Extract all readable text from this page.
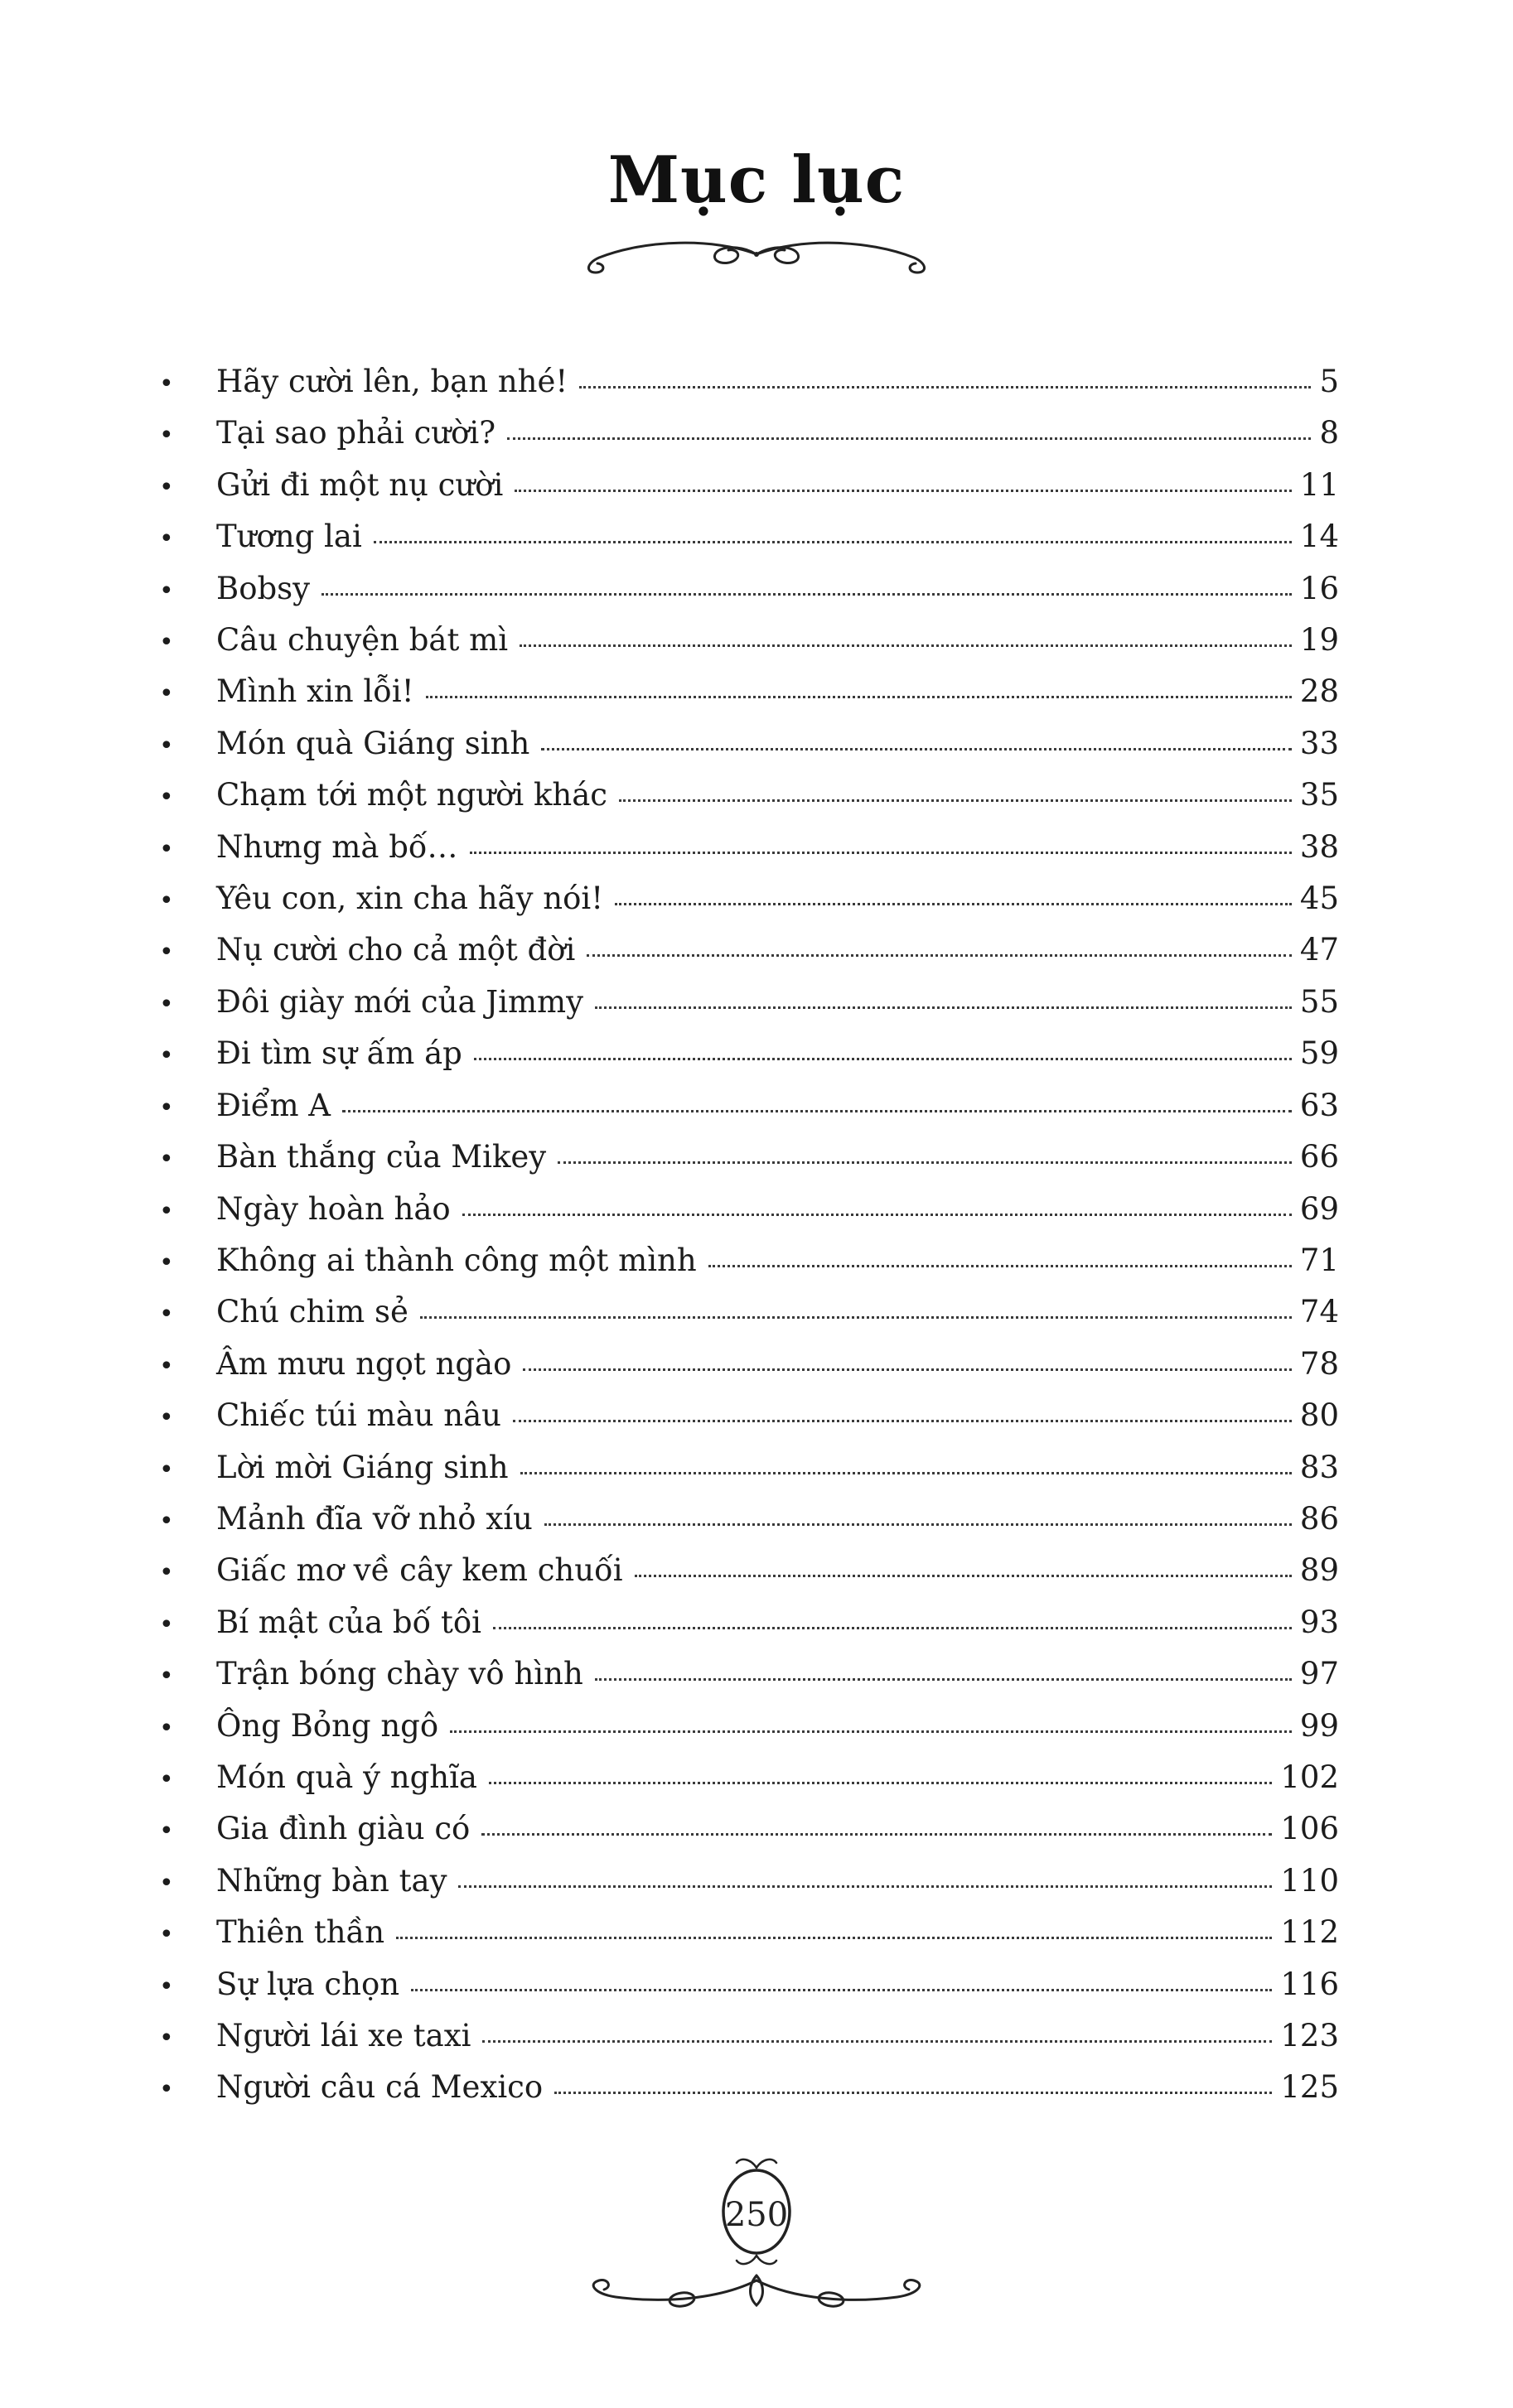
Mục lục
•	Hãy cười lên, bạn nhé!	5
•	Tại sao phải cười?	8
•	Gửi đi một nụ cười	11
•	Tương lai	14
•	Bobsy	16
•	Câu chuyện bát mì	19
•	Mình xin lỗi!	28
•	Món quà Giáng sinh	33
•	Chạm tới một người khác	35
•	Nhưng mà bố…	38
•	Yêu con, xin cha hãy nói!	45
•	Nụ cười cho cả một đời	47
•	Đôi giày mới của Jimmy	55
•	Đi tìm sự ấm áp	59
•	Điểm A	63
•	Bàn thắng của Mikey	66
•	Ngày hoàn hảo	69
•	Không ai thành công một mình	71
•	Chú chim sẻ	74
•	Âm mưu ngọt ngào	78
•	Chiếc túi màu nâu	80
•	Lời mời Giáng sinh	83
•	Mảnh đĩa vỡ nhỏ xíu	86
•	Giấc mơ về cây kem chuối	89
•	Bí mật của bố tôi	93
•	Trận bóng chày vô hình	97
•	Ông Bỏng ngô	99
•	Món quà ý nghĩa	102
•	Gia đình giàu có	106
•	Những bàn tay	110
•	Thiên thần	112
•	Sự lựa chọn	116
•	Người lái xe taxi	123
•	Người câu cá Mexico	125
250
